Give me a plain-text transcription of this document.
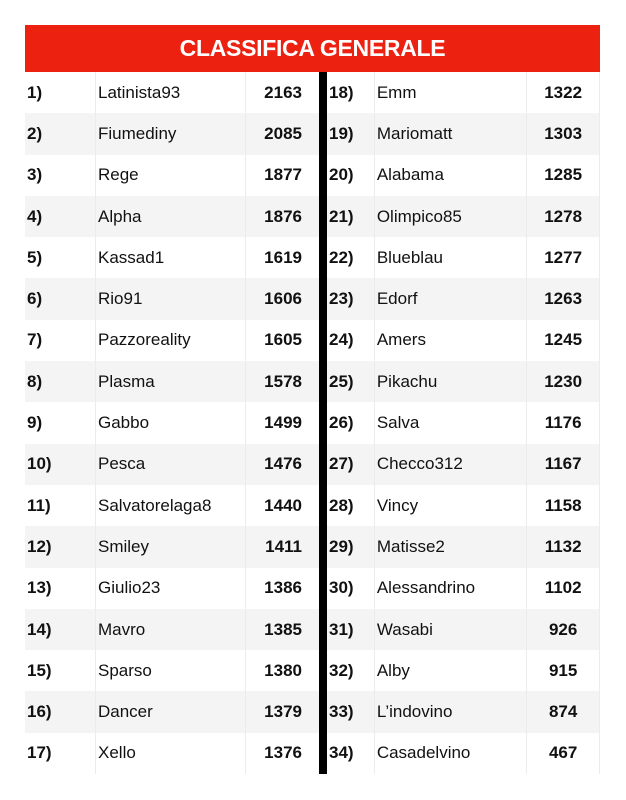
CLASSIFICA GENERALE
1)	Latinista93	2163
2)	Fiumediny	2085
3)	Rege	1877
4)	Alpha	1876
5)	Kassad1	1619
6)	Rio91	1606
7)	Pazzoreality	1605
8)	Plasma	1578
9)	Gabbo	1499
10)	Pesca	1476
11)	Salvatorelaga8	1440
12)	Smiley	1411
13)	Giulio23	1386
14)	Mavro	1385
15)	Sparso	1380
16)	Dancer	1379
17)	Xello	1376
18)	Emm	1322
19)	Mariomatt	1303
20)	Alabama	1285
21)	Olimpico85	1278
22)	Blueblau	1277
23)	Edorf	1263
24)	Amers	1245
25)	Pikachu	1230
26)	Salva	1176
27)	Checco312	1167
28)	Vincy	1158
29)	Matisse2	1132
30)	Alessandrino	1102
31)	Wasabi	926
32)	Alby	915
33)	L’indovino	874
34)	Casadelvino	467
